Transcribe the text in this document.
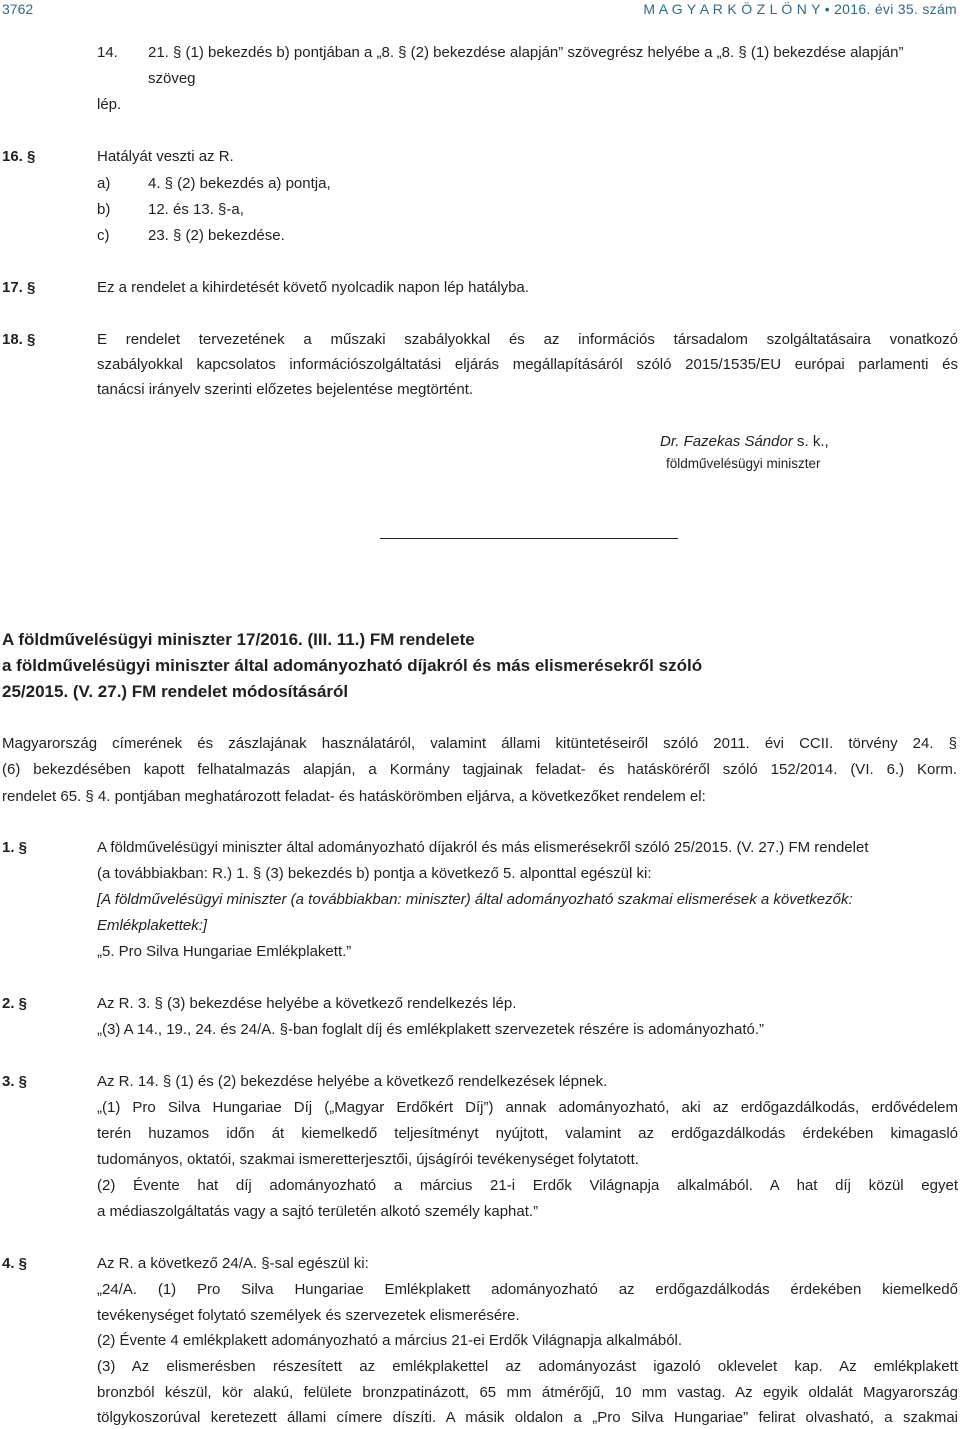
3762	M A G Y A R K Ö Z L Ö N Y • 2016. évi 35. szám
14. 21. § (1) bekezdés b) pontjában a „8. § (2) bekezdése alapján” szövegrész helyébe a „8. § (1) bekezdése alapján”
szöveg
lép.
16. §	Hatályát veszti az R.
a)	4. § (2) bekezdés a) pontja,
b)	12. és 13. §-a,
c)	23. § (2) bekezdése.
17. §	Ez a rendelet a kihirdetését követő nyolcadik napon lép hatályba.
18. §	E rendelet tervezetének a műszaki szabályokkal és az információs társadalom szolgáltatásaira vonatkozó
szabályokkal kapcsolatos információszolgáltatási eljárás megállapításáról szóló 2015/1535/EU európai parlamenti és
tanácsi irányelv szerinti előzetes bejelentése megtörtént.
Dr. Fazekas Sándor s. k.,
földművelésügyi miniszter
A földművelésügyi miniszter 17/2016. (III. 11.) FM rendelete
a földművelésügyi miniszter által adományozható díjakról és más elismerésekről szóló
25/2015. (V. 27.) FM rendelet módosításáról
Magyarország címerének és zászlajának használatáról, valamint állami kitüntetéseiről szóló 2011. évi CCII. törvény 24. §
(6) bekezdésében kapott felhatalmazás alapján, a Kormány tagjainak feladat- és hatásköréről szóló 152/2014. (VI. 6.) Korm.
rendelet 65. § 4. pontjában meghatározott feladat- és hatáskörömben eljárva, a következőket rendelem el:
1. §	A földművelésügyi miniszter által adományozható díjakról és más elismerésekről szóló 25/2015. (V. 27.) FM rendelet
(a továbbiakban: R.) 1. § (3) bekezdés b) pontja a következő 5. alponttal egészül ki:
[A földművelésügyi miniszter (a továbbiakban: miniszter) által adományozható szakmai elismerések a következők:
Emlékplakettek:]
„5. Pro Silva Hungariae Emlékplakett.”
2. §	Az R. 3. § (3) bekezdése helyébe a következő rendelkezés lép.
„(3) A 14., 19., 24. és 24/A. §-ban foglalt díj és emlékplakett szervezetek részére is adományozható.”
3. §	Az R. 14. § (1) és (2) bekezdése helyébe a következő rendelkezések lépnek.
„(1) Pro Silva Hungariae Díj („Magyar Erdőkért Díj”) annak adományozható, aki az erdőgazdálkodás, erdővédelem
terén huzamos időn át kiemelkedő teljesítményt nyújtott, valamint az erdőgazdálkodás érdekében kimagasló
tudományos, oktatói, szakmai ismeretterjesztői, újságírói tevékenységet folytatott.
(2) Évente hat díj adományozható a március 21-i Erdők Világnapja alkalmából. A hat díj közül egyet
a médiaszolgáltatás vagy a sajtó területén alkotó személy kaphat.”
4. §	Az R. a következő 24/A. §-sal egészül ki:
„24/A. (1) Pro Silva Hungariae Emlékplakett adományozható az erdőgazdálkodás érdekében kiemelkedő
tevékenységet folytató személyek és szervezetek elismerésére.
(2) Évente 4 emlékplakett adományozható a március 21-ei Erdők Világnapja alkalmából.
(3) Az elismerésben részesített az emlékplakettel az adományozást igazoló oklevelet kap. Az emlékplakett
bronzból készül, kör alakú, felülete bronzpatinázott, 65 mm átmérőjű, 10 mm vastag. Az egyik oldalát Magyarország
tölgykoszorúval keretezett állami címere díszíti. A másik oldalon a „Pro Silva Hungariae” felirat olvasható, a szakmai
